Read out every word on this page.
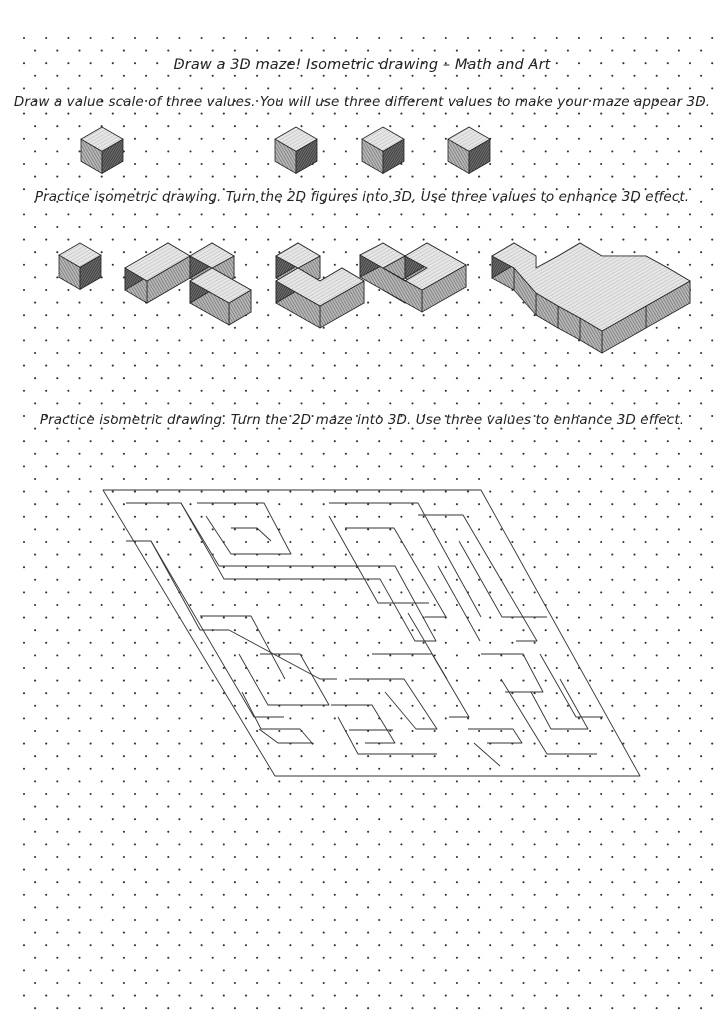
Draw a 3D maze! Isometric drawing – Math and Art
Draw a value scale of three values. You will use three different values to make your maze appear 3D.
Practice isometric drawing. Turn the 2D figures into 3D. Use three values to enhance 3D effect.
Practice isometric drawing. Turn the 2D maze into 3D. Use three values to enhance 3D effect.
